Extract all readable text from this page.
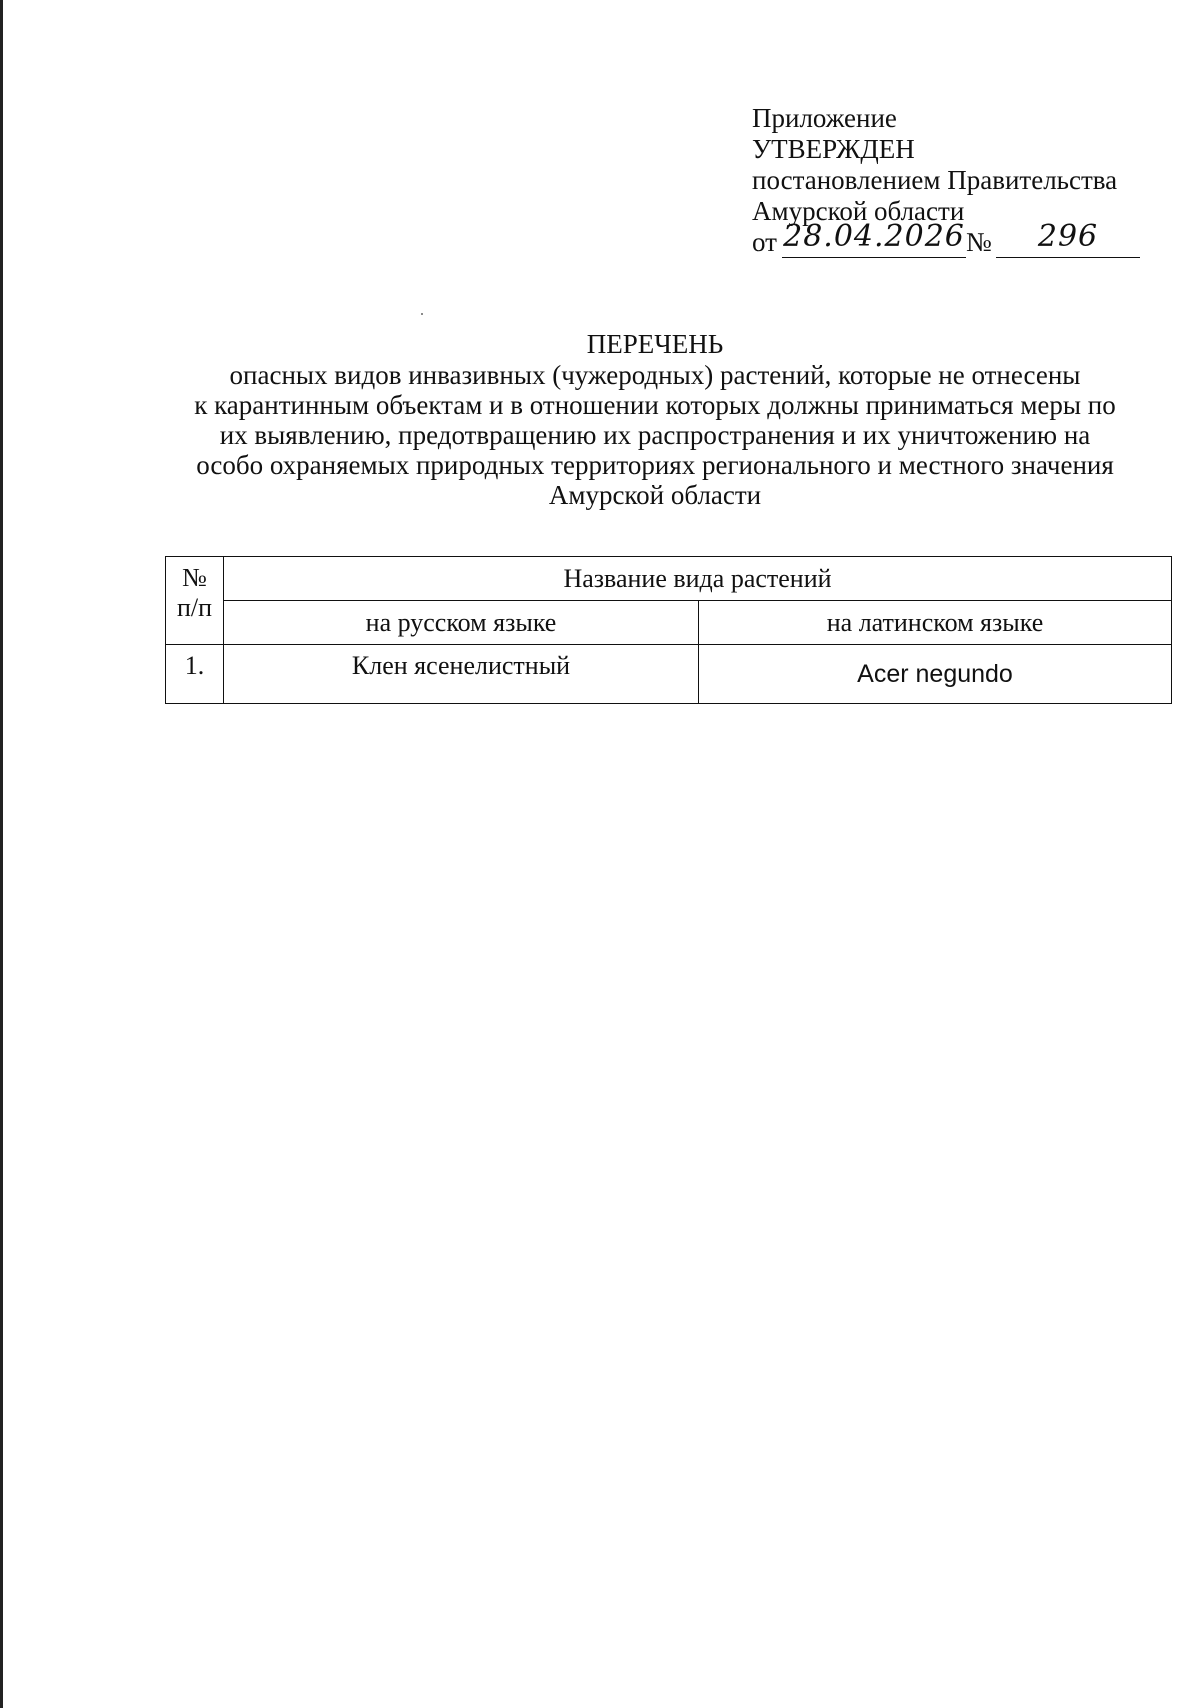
Приложение
УТВЕРЖДЕН
постановлением Правительства
Амурской области
от 28.04.2026 №	296
ПЕРЕЧЕНЬ
опасных видов инвазивных (чужеродных) растений, которые не отнесены
к карантинным объектам и в отношении которых должны приниматься меры по
их выявлению, предотвращению их распространения и их уничтожению на
особо охраняемых природных территориях регионального и местного значения
Амурской области
№
п/п	Название вида растений	
	на русском языке	на латинском языке
1.	Клен ясенелистный	Acer negundo
